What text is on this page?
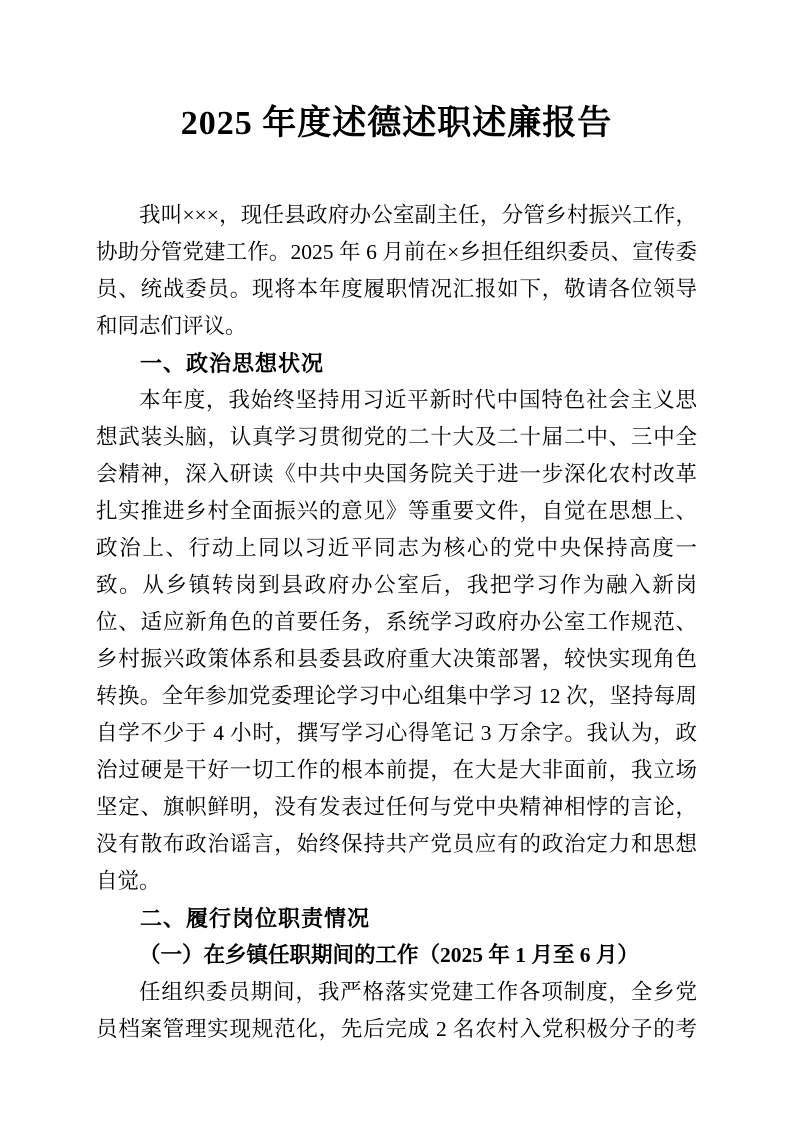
2025 年度述德述职述廉报告

我叫×××，现任县政府办公室副主任，分管乡村振兴工作，协助分管党建工作。2025 年 6 月前在×乡担任组织委员、宣传委员、统战委员。现将本年度履职情况汇报如下，敬请各位领导和同志们评议。

一、政治思想状况

本年度，我始终坚持用习近平新时代中国特色社会主义思想武装头脑，认真学习贯彻党的二十大及二十届二中、三中全会精神，深入研读《中共中央国务院关于进一步深化农村改革扎实推进乡村全面振兴的意见》等重要文件，自觉在思想上、政治上、行动上同以习近平同志为核心的党中央保持高度一致。从乡镇转岗到县政府办公室后，我把学习作为融入新岗位、适应新角色的首要任务，系统学习政府办公室工作规范、乡村振兴政策体系和县委县政府重大决策部署，较快实现角色转换。全年参加党委理论学习中心组集中学习 12 次，坚持每周自学不少于 4 小时，撰写学习心得笔记 3 万余字。我认为，政治过硬是干好一切工作的根本前提，在大是大非面前，我立场坚定、旗帜鲜明，没有发表过任何与党中央精神相悖的言论，没有散布政治谣言，始终保持共产党员应有的政治定力和思想自觉。

二、履行岗位职责情况

（一）在乡镇任职期间的工作（2025 年 1 月至 6 月）

任组织委员期间，我严格落实党建工作各项制度，全乡党员档案管理实现规范化，先后完成 2 名农村入党积极分子的考
